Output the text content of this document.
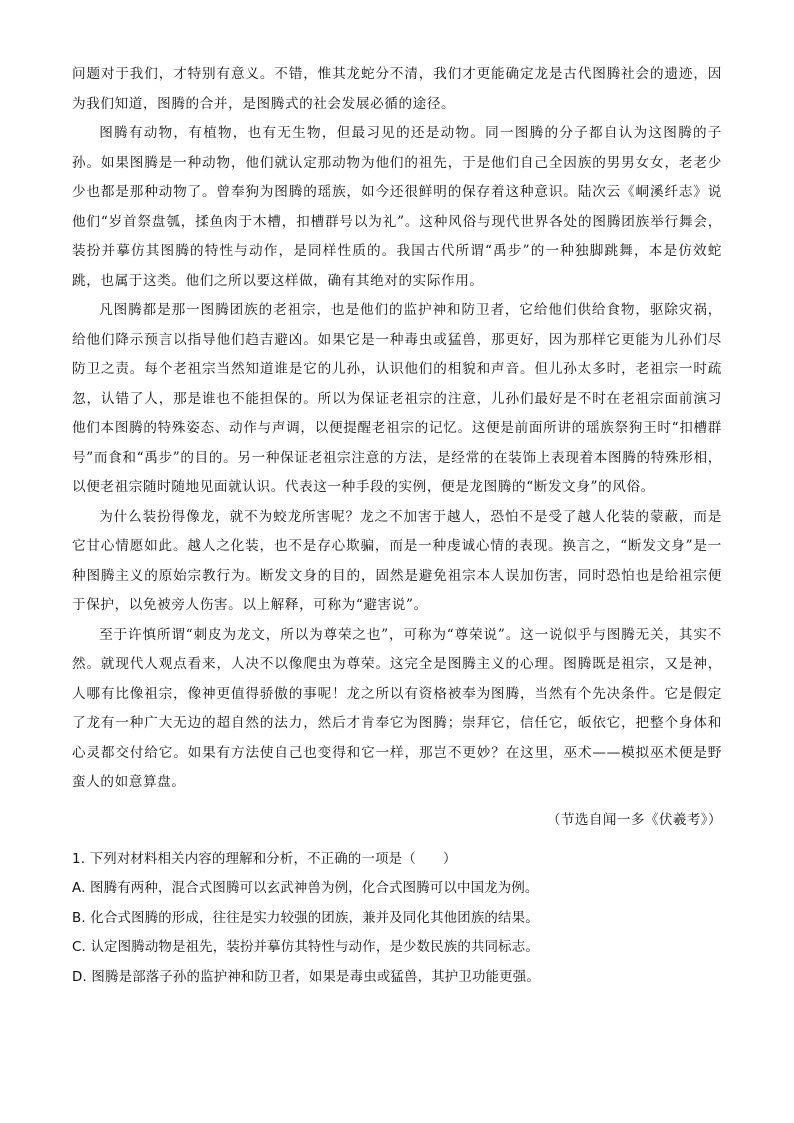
问题对于我们，才特别有意义。不错，惟其龙蛇分不清，我们才更能确定龙是古代图腾社会的遗迹，因为我们知道，图腾的合并，是图腾式的社会发展必循的途径。

图腾有动物，有植物，也有无生物，但最习见的还是动物。同一图腾的分子都自认为这图腾的子孙。如果图腾是一种动物，他们就认定那动物为他们的祖先，于是他们自己全因族的男男女女，老老少少也都是那种动物了。曾奉狗为图腾的瑶族，如今还很鲜明的保存着这种意识。陆次云《峒溪纤志》说他们“岁首祭盘瓠，揉鱼肉于木槽，扣槽群号以为礼”。这种风俗与现代世界各处的图腾团族举行舞会，装扮并摹仿其图腾的特性与动作，是同样性质的。我国古代所谓“禹步”的一种独脚跳舞，本是仿效蛇跳，也属于这类。他们之所以要这样做，确有其绝对的实际作用。

凡图腾都是那一图腾团族的老祖宗，也是他们的监护神和防卫者，它给他们供给食物，驱除灾祸，给他们降示预言以指导他们趋吉避凶。如果它是一种毒虫或猛兽，那更好，因为那样它更能为儿孙们尽防卫之责。每个老祖宗当然知道谁是它的儿孙，认识他们的相貌和声音。但儿孙太多时，老祖宗一时疏忽，认错了人，那是谁也不能担保的。所以为保证老祖宗的注意，儿孙们最好是不时在老祖宗面前演习他们本图腾的特殊姿态、动作与声调，以便提醒老祖宗的记忆。这便是前面所讲的瑶族祭狗王时“扣槽群号”而食和“禹步”的目的。另一种保证老祖宗注意的方法，是经常的在装饰上表现着本图腾的特殊形相，以便老祖宗随时随地见面就认识。代表这一种手段的实例，便是龙图腾的“断发文身”的风俗。

为什么装扮得像龙，就不为蛟龙所害呢？龙之不加害于越人，恐怕不是受了越人化装的蒙蔽，而是它甘心情愿如此。越人之化装，也不是存心欺骗，而是一种虔诚心情的表现。换言之，“断发文身”是一种图腾主义的原始宗教行为。断发文身的目的，固然是避免祖宗本人误加伤害，同时恐怕也是给祖宗便于保护，以免被旁人伤害。以上解释，可称为“避害说”。

至于许慎所谓“刺皮为龙文，所以为尊荣之也”，可称为“尊荣说”。这一说似乎与图腾无关，其实不然。就现代人观点看来，人决不以像爬虫为尊荣。这完全是图腾主义的心理。图腾既是祖宗，又是神，人哪有比像祖宗，像神更值得骄傲的事呢！龙之所以有资格被奉为图腾，当然有个先决条件。它是假定了龙有一种广大无边的超自然的法力，然后才肯奉它为图腾；崇拜它，信任它，皈依它，把整个身体和心灵都交付给它。如果有方法使自己也变得和它一样，那岂不更妙？在这里，巫术——模拟巫术便是野蛮人的如意算盘。

（节选自闻一多《伏羲考》）

1. 下列对材料相关内容的理解和分析，不正确的一项是（　　）

A. 图腾有两种，混合式图腾可以玄武神兽为例，化合式图腾可以中国龙为例。

B. 化合式图腾的形成，往往是实力较强的团族，兼并及同化其他团族的结果。

C. 认定图腾动物是祖先，装扮并摹仿其特性与动作，是少数民族的共同标志。

D. 图腾是部落子孙的监护神和防卫者，如果是毒虫或猛兽，其护卫功能更强。
